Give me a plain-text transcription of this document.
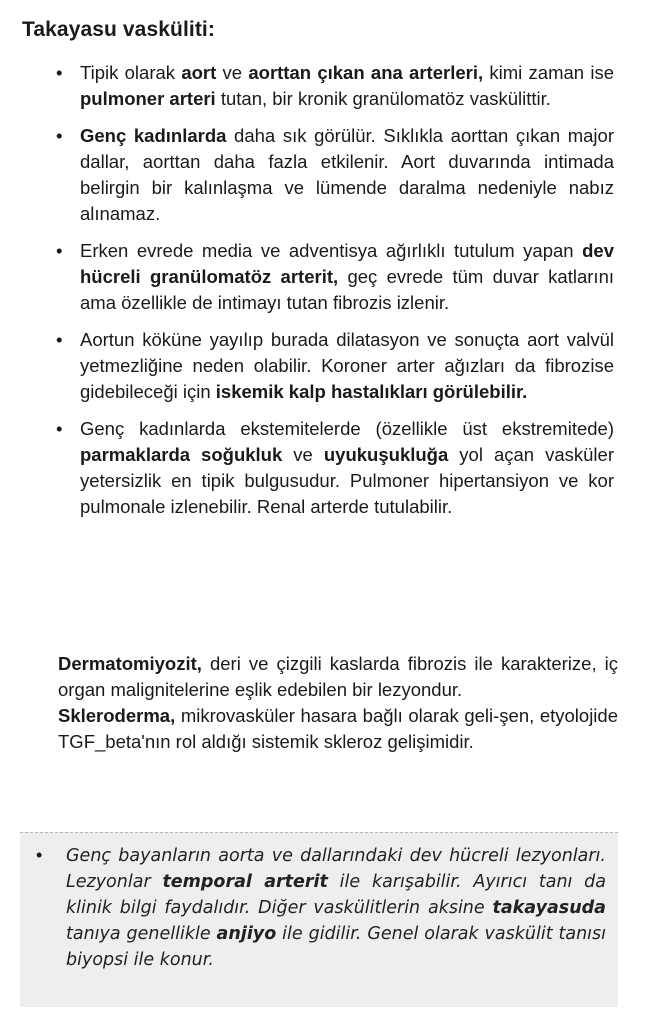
Takayasu vasküliti:
• Tipik olarak aort ve aorttan çıkan ana arterleri, kimi zaman ise pulmoner arteri tutan, bir kronik granülomatöz vaskülittir.
• Genç kadınlarda daha sık görülür. Sıklıkla aorttan çıkan major dallar, aorttan daha fazla etkilenir. Aort duvarında intimada belirgin bir kalınlaşma ve lümende daralma nedeniyle nabız alınamaz.
• Erken evrede media ve adventisya ağırlıklı tutulum yapan dev hücreli granülomatöz arterit, geç evrede tüm duvar katlarını ama özellikle de intimayı tutan fibrozis izlenir.
• Aortun köküne yayılıp burada dilatasyon ve sonuçta aort valvül yetmezliğine neden olabilir. Koroner arter ağızları da fibrozise gidebileceği için iskemik kalp hastalıkları görülebilir.
• Genç kadınlarda ekstemitelerde (özellikle üst ekstremitede) parmaklarda soğukluk ve uyukuşukluğa yol açan vasküler yetersizlik en tipik bulgusudur. Pulmoner hipertansiyon ve kor pulmonale izlenebilir. Renal arterde tutulabilir.

Dermatomiyozit, deri ve çizgili kaslarda fibrozis ile karakterize, iç organ malignitelerine eşlik edebilen bir lezyondur.

Skleroderma, mikrovasküler hasara bağlı olarak geli-şen, etyolojide TGF_beta'nın rol aldığı sistemik skleroz gelişimidir.

• Genç bayanların aorta ve dallarındaki dev hücreli lezyonları. Lezyonlar temporal arterit ile karışabilir. Ayırıcı tanı da klinik bilgi faydalıdır. Diğer vaskülitlerin aksine takayasuda tanıya genellikle anjiyo ile gidilir. Genel olarak vaskülit tanısı biyopsi ile konur.
